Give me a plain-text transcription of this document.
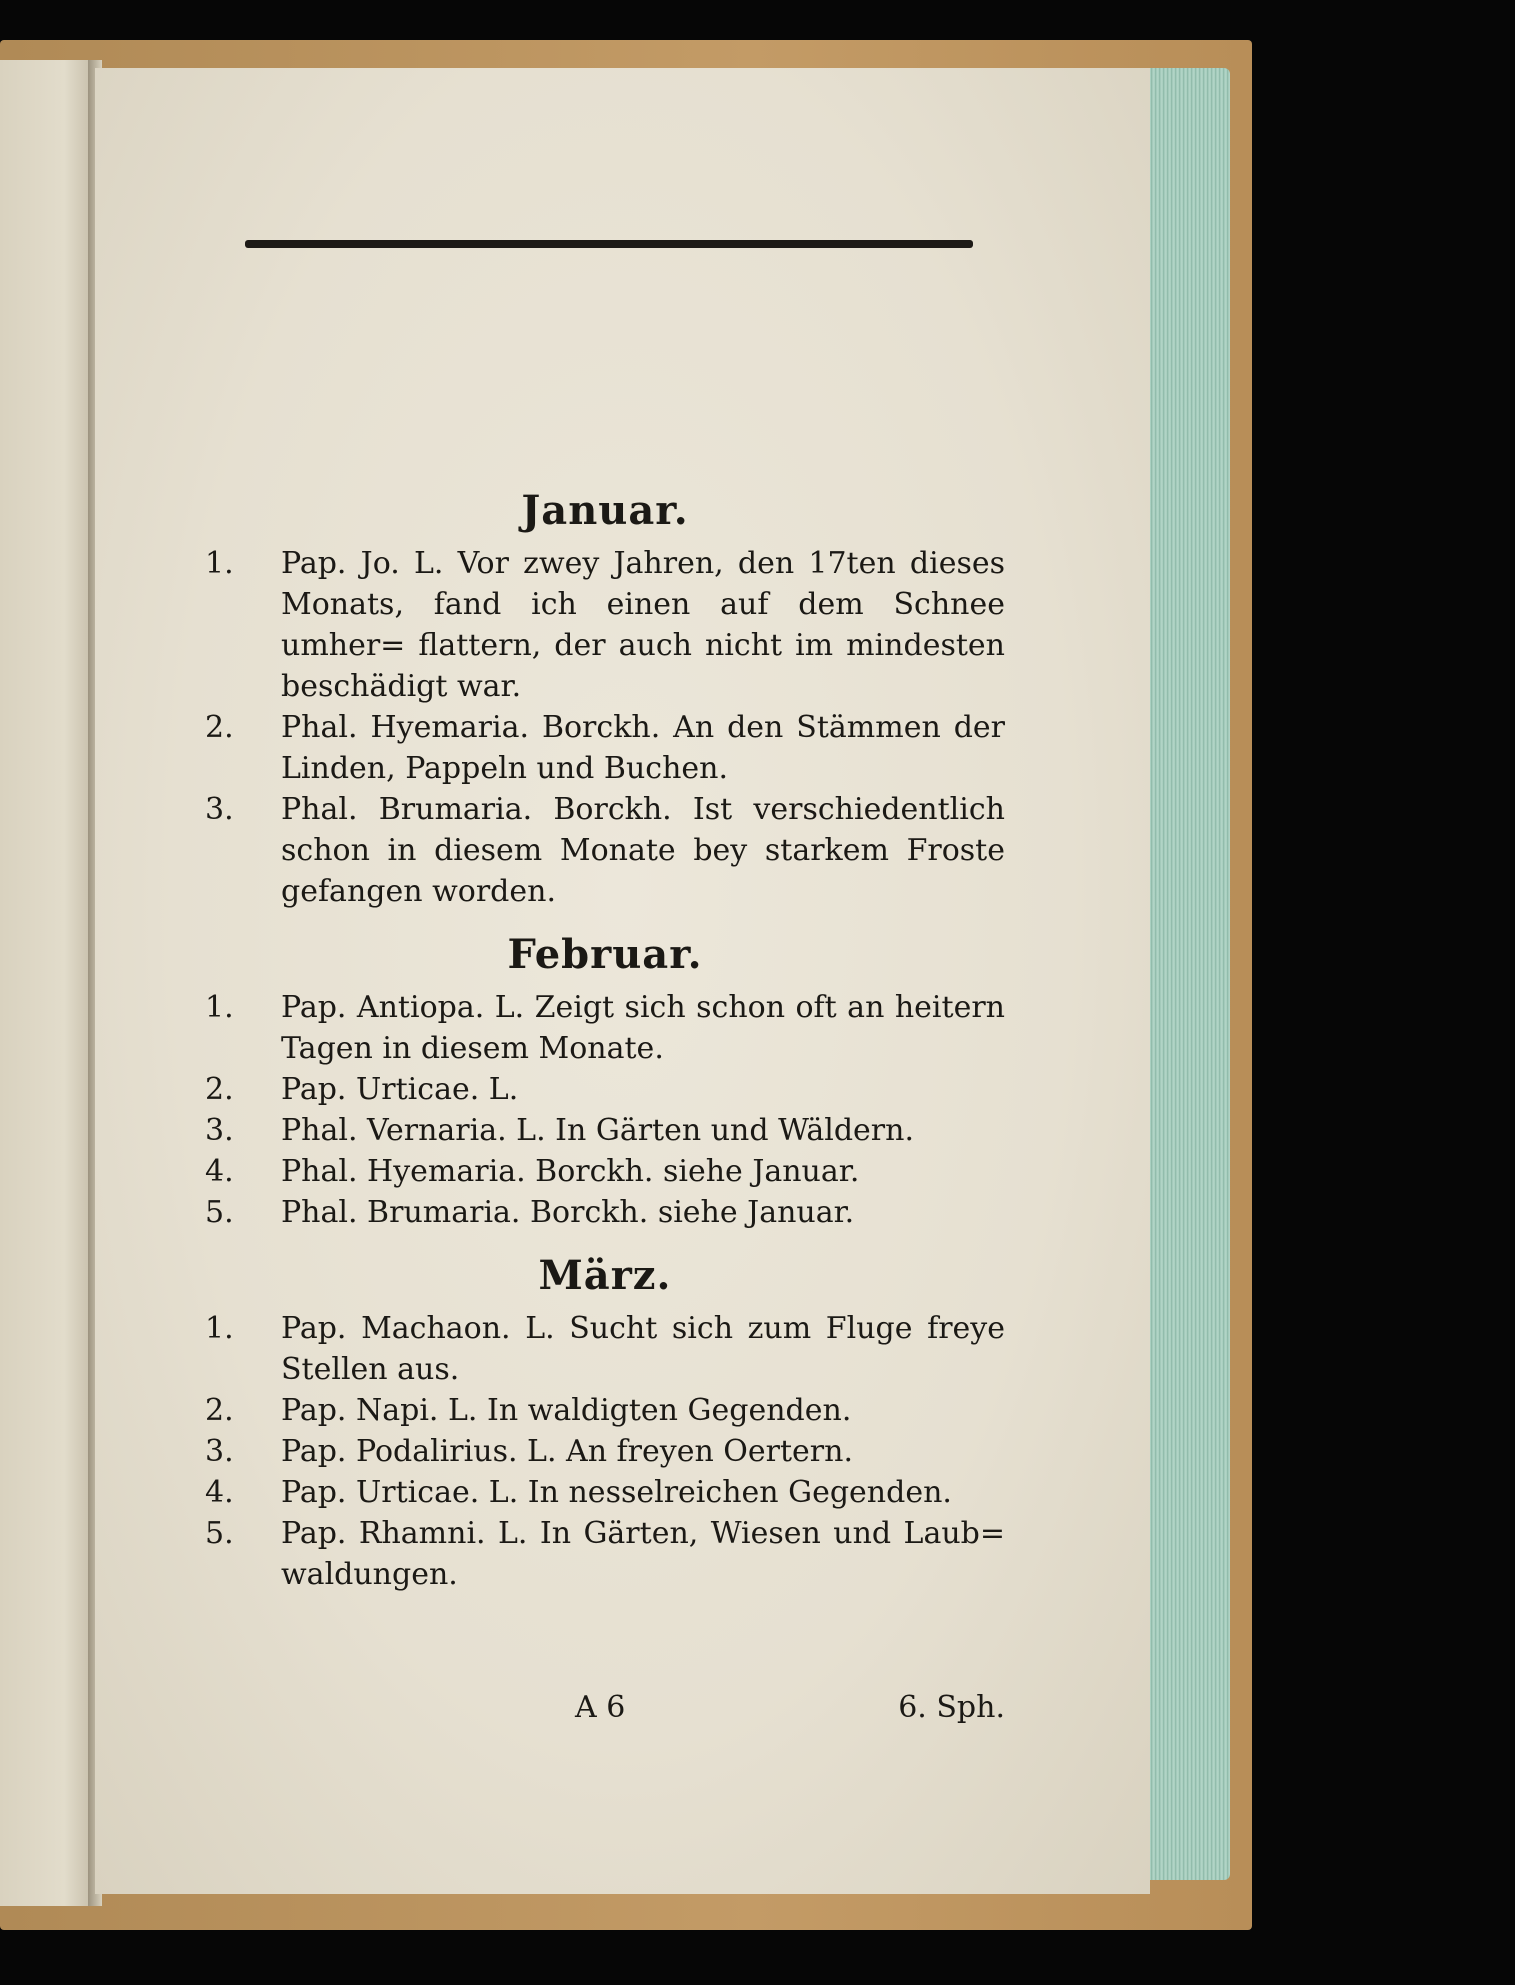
Januar.
1. Pap. Jo. L. Vor zwey Jahren, den 17ten dieses Monats, fand ich einen auf dem Schnee umher= flattern, der auch nicht im mindesten beschädigt war.
2. Phal. Hyemaria. Borckh. An den Stämmen der Linden, Pappeln und Buchen.
3. Phal. Brumaria. Borckh. Ist verschiedentlich schon in diesem Monate bey starkem Froste gefangen worden.
Februar.
1. Pap. Antiopa. L. Zeigt sich schon oft an heitern Tagen in diesem Monate.
2. Pap. Urticae. L.
3. Phal. Vernaria. L. In Gärten und Wäldern.
4. Phal. Hyemaria. Borckh. siehe Januar.
5. Phal. Brumaria. Borckh. siehe Januar.
März.
1. Pap. Machaon. L. Sucht sich zum Fluge freye Stellen aus.
2. Pap. Napi. L. In waldigten Gegenden.
3. Pap. Podalirius. L. An freyen Oertern.
4. Pap. Urticae. L. In nesselreichen Gegenden.
5. Pap. Rhamni. L. In Gärten, Wiesen und Laub= waldungen.
A 6	6. Sph.
